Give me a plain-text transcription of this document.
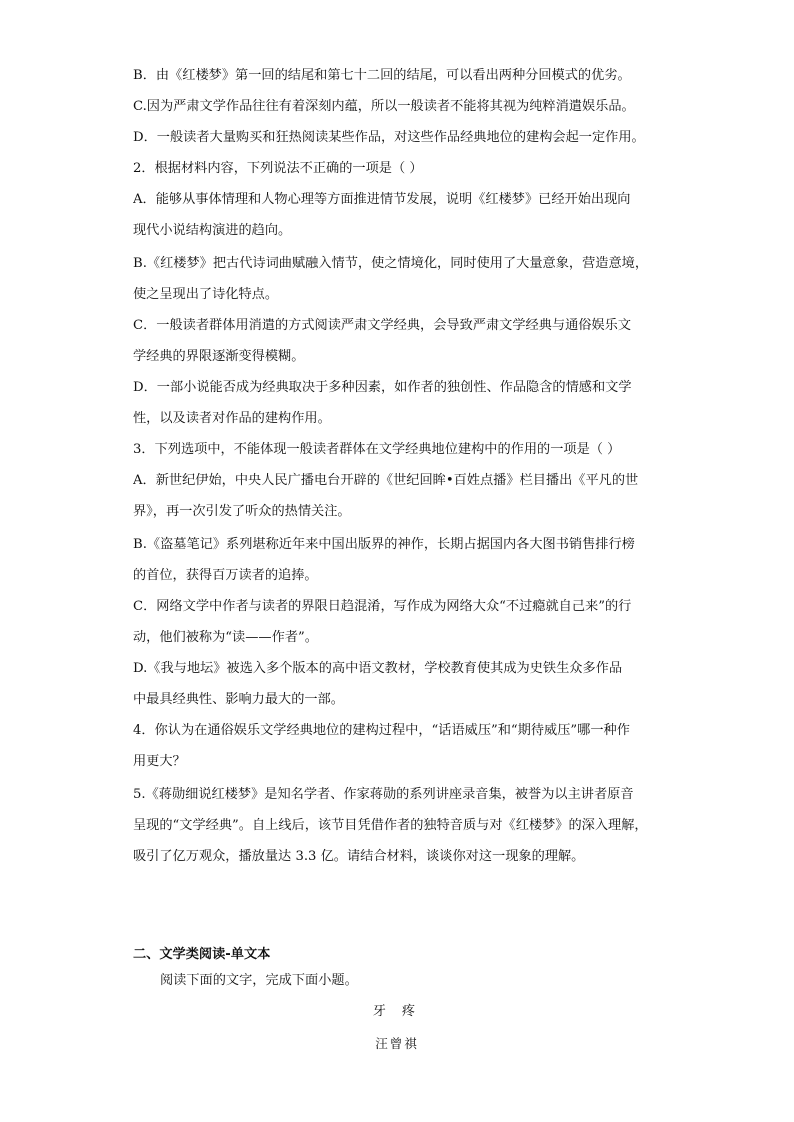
B．由《红楼梦》第一回的结尾和第七十二回的结尾，可以看出两种分回模式的优劣。
C.因为严肃文学作品往往有着深刻内蕴，所以一般读者不能将其视为纯粹消遣娱乐品。
D．一般读者大量购买和狂热阅读某些作品，对这些作品经典地位的建构会起一定作用。
2．根据材料内容，下列说法不正确的一项是（ ）
A．能够从事体情理和人物心理等方面推进情节发展，说明《红楼梦》已经开始出现向
现代小说结构演进的趋向。
B.《红楼梦》把古代诗词曲赋融入情节，使之情境化，同时使用了大量意象，营造意境，
使之呈现出了诗化特点。
C．一般读者群体用消遣的方式阅读严肃文学经典，会导致严肃文学经典与通俗娱乐文
学经典的界限逐渐变得模糊。
D．一部小说能否成为经典取决于多种因素，如作者的独创性、作品隐含的情感和文学
性，以及读者对作品的建构作用。
3．下列选项中，不能体现一般读者群体在文学经典地位建构中的作用的一项是（ ）
A．新世纪伊始，中央人民广播电台开辟的《世纪回眸•百姓点播》栏目播出《平凡的世
界》，再一次引发了听众的热情关注。
B.《盗墓笔记》系列堪称近年来中国出版界的神作，长期占据国内各大图书销售排行榜
的首位，获得百万读者的追捧。
C．网络文学中作者与读者的界限日趋混淆，写作成为网络大众“不过瘾就自己来”的行
动，他们被称为“读——作者”。
D.《我与地坛》被选入多个版本的高中语文教材，学校教育使其成为史铁生众多作品
中最具经典性、影响力最大的一部。
4．你认为在通俗娱乐文学经典地位的建构过程中，“话语威压”和“期待威压”哪一种作
用更大？
5.《蒋勋细说红楼梦》是知名学者、作家蒋勋的系列讲座录音集，被誉为以主讲者原音
呈现的“文学经典”。自上线后，该节目凭借作者的独特音质与对《红楼梦》的深入理解，
吸引了亿万观众，播放量达 3.3 亿。请结合材料，谈谈你对这一现象的理解。
二、文学类阅读-单文本
阅读下面的文字，完成下面小题。
牙 疼
汪曾祺
